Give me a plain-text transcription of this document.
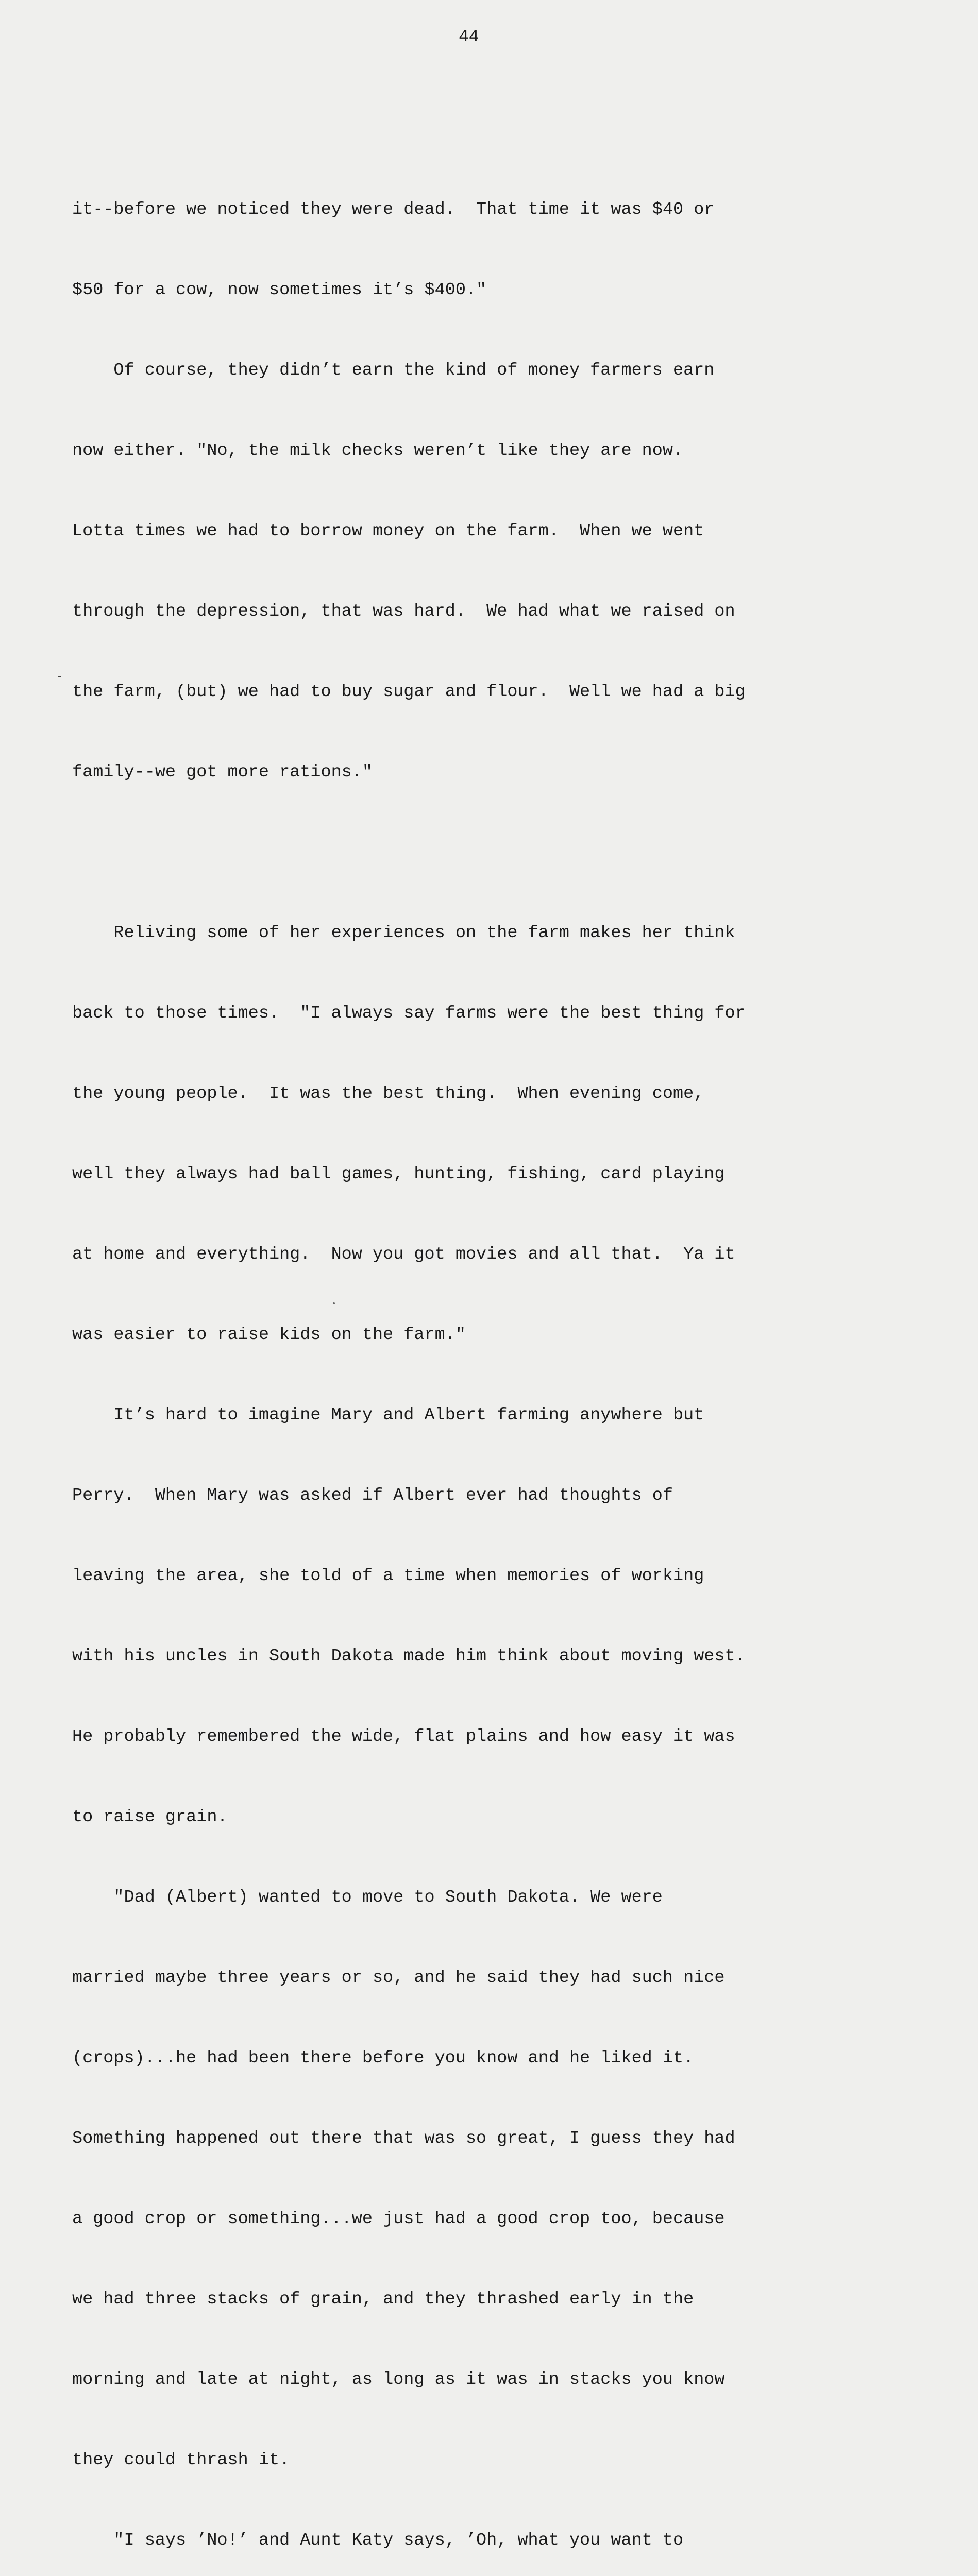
44

it--before we noticed they were dead.  That time it was $40 or

$50 for a cow, now sometimes it’s $400."

Of course, they didn’t earn the kind of money farmers earn

now either. "No, the milk checks weren’t like they are now.

Lotta times we had to borrow money on the farm.  When we went

through the depression, that was hard.  We had what we raised on

the farm, (but) we had to buy sugar and flour.  Well we had a big

family--we got more rations."

Reliving some of her experiences on the farm makes her think

back to those times.  "I always say farms were the best thing for

the young people.  It was the best thing.  When evening come,

well they always had ball games, hunting, fishing, card playing

at home and everything.  Now you got movies and all that.  Ya it

was easier to raise kids on the farm."

It’s hard to imagine Mary and Albert farming anywhere but

Perry.  When Mary was asked if Albert ever had thoughts of

leaving the area, she told of a time when memories of working

with his uncles in South Dakota made him think about moving west.

He probably remembered the wide, flat plains and how easy it was

to raise grain.

"Dad (Albert) wanted to move to South Dakota. We were

married maybe three years or so, and he said they had such nice

(crops)...he had been there before you know and he liked it.

Something happened out there that was so great, I guess they had

a good crop or something...we just had a good crop too, because

we had three stacks of grain, and they thrashed early in the

morning and late at night, as long as it was in stacks you know

they could thrash it.

"I says ’No!’ and Aunt Katy says, ’Oh, what you want to
